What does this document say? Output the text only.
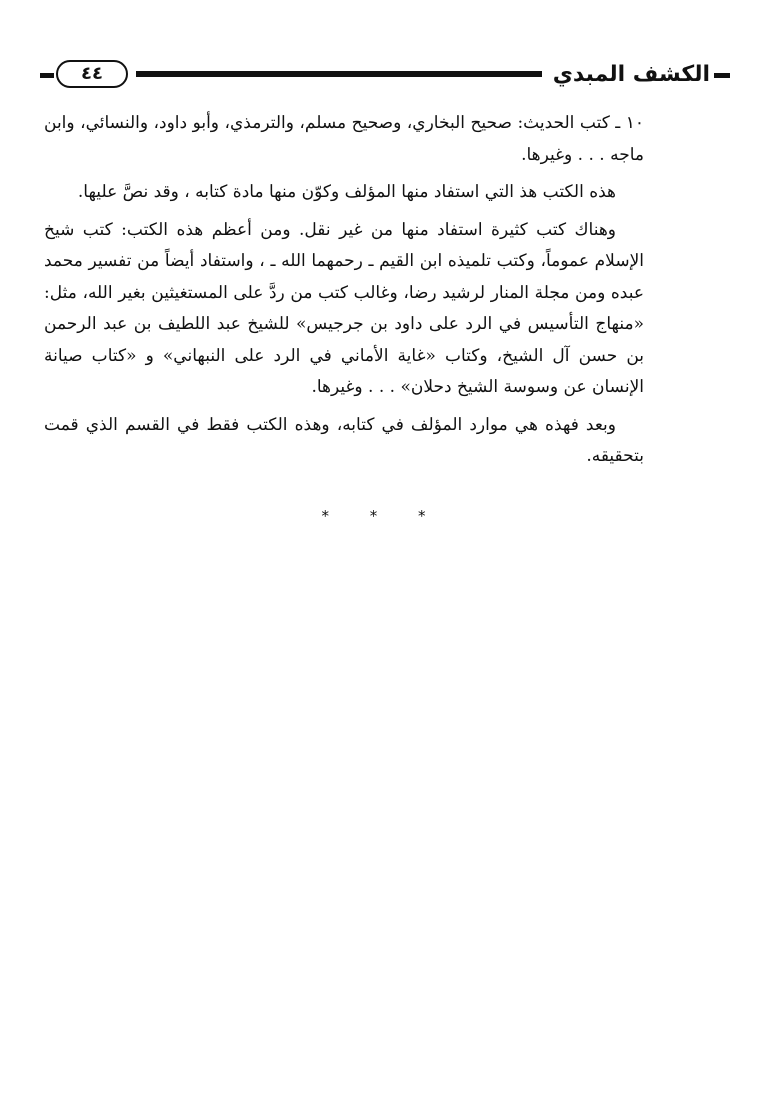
٤٤	الكشف المبدي

١٠ ـ كتب الحديث: صحيح البخاري، وصحيح مسلم، والترمذي، وأبو داود، والنسائي، وابن ماجه . . . وغيرها.

هذه الكتب هذ التي استفاد منها المؤلف وكوّن منها مادة كتابه ، وقد نصَّ عليها.

وهناك كتب كثيرة استفاد منها من غير نقل. ومن أعظم هذه الكتب: كتب شيخ الإسلام عموماً، وكتب تلميذه ابن القيم ـ رحمهما الله ـ ، واستفاد أيضاً من تفسير محمد عبده ومن مجلة المنار لرشيد رضا، وغالب كتب من ردَّ على المستغيثين بغير الله، مثل: «منهاج التأسيس في الرد على داود بن جرجيس» للشيخ عبد اللطيف بن عبد الرحمن بن حسن آل الشيخ، وكتاب «غاية الأماني في الرد على النبهاني» و «كتاب صيانة الإنسان عن وسوسة الشيخ دحلان» . . . وغيرها.

وبعد فهذه هي موارد المؤلف في كتابه، وهذه الكتب فقط في القسم الذي قمت بتحقيقه.

* * *
